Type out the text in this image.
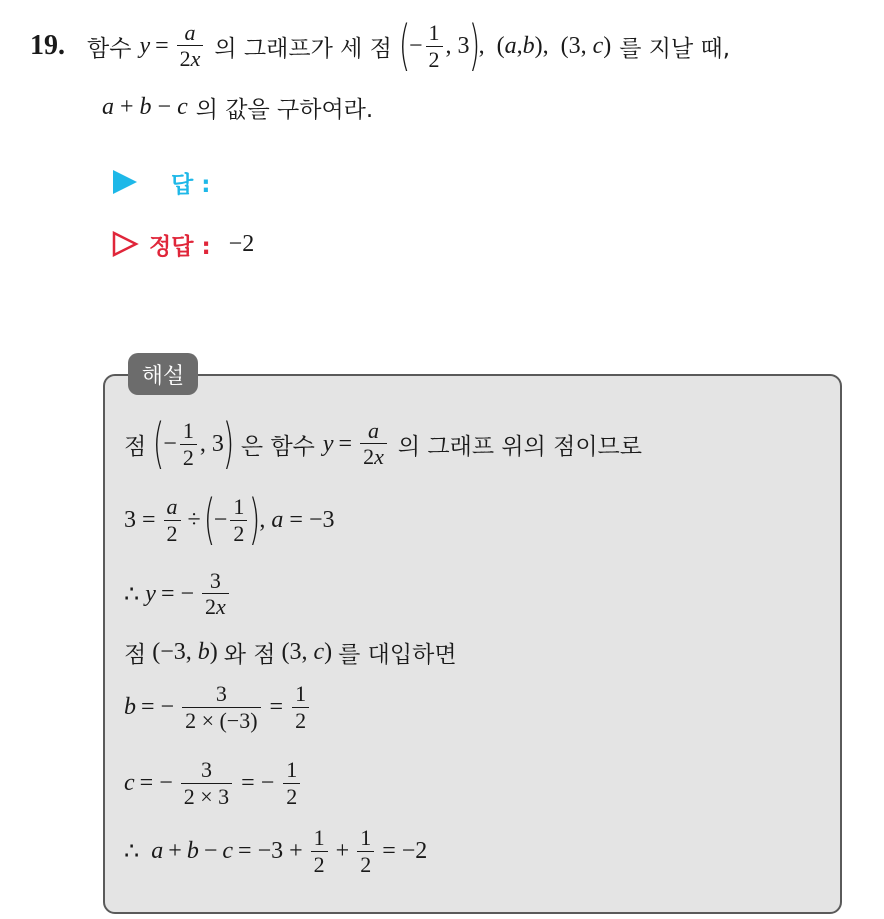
19. 함수 $y = \frac{a}{2x}$ 의 그래프가 세 점 (
− $\frac{1}{2}$ , 3
)
,  ( a , b ),  (3, c ) 를 지날 때,
a + b − c 의 값을 구하여라.
답 :
정답 : −2
해설
점 (
− $\frac{1}{2}$ , 3
) 은 함수 $y = \frac{a}{2x}$ 의 그래프 위의 점이므로
$3 = \frac{a}{2}$ ÷ (
− $\frac{1}{2}$ )
, a = −3
∴ y = − $\frac{3}{2x}$
점 (−3, b ) 와 점 (3, c ) 를 대입하면
b = − $\frac{3}{2 \times (-3)} = \frac{1}{2}$
c = − $\frac{3}{2 \times 3}$ = − $\frac{1}{2}$
∴ $a + b - c = -3 + \frac{1}{2} + \frac{1}{2} = -2$
